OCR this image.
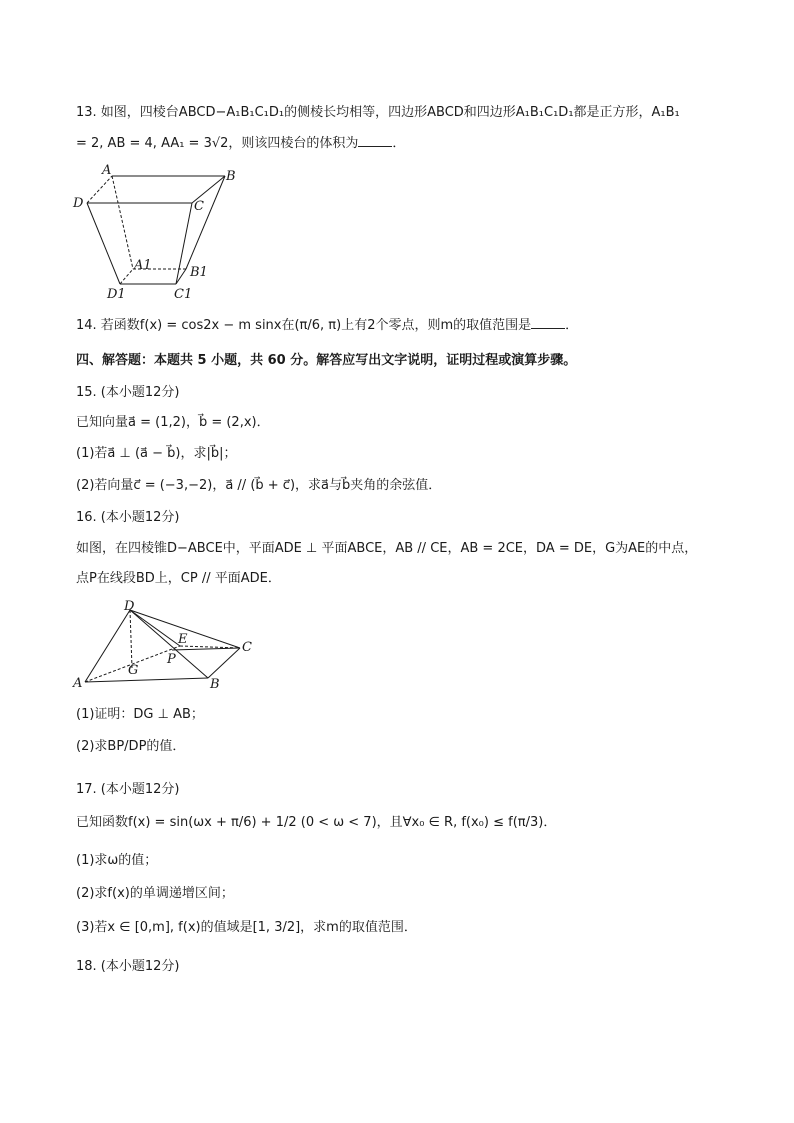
13. 如图，四棱台ABCD−A₁B₁C₁D₁的侧棱长均相等，四边形ABCD和四边形A₁B₁C₁D₁都是正方形，A₁B₁
= 2, AB = 4, AA₁ = 3√2，则该四棱台的体积为	．
A	B
C
D
A1	B1
C1
D1
14. 若函数f(x) = cos2x − m sinx在(π/6, π)上有2个零点，则m的取值范围是	．
四、解答题：本题共 5 小题，共 60 分。解答应写出文字说明，证明过程或演算步骤。
15. (本小题12分)
已知向量a⃗ = (1,2)，b⃗ = (2,x)．
(1)若a⃗ ⊥ (a⃗ − b⃗)，求|b⃗|；
(2)若向量c⃗ = (−3,−2)，a⃗ // (b⃗ + c⃗)，求a⃗与b⃗夹角的余弦值．
16. (本小题12分)
如图，在四棱锥D−ABCE中，平面ADE ⊥ 平面ABCE，AB // CE，AB = 2CE，DA = DE，G为AE的中点，
点P在线段BD上，CP // 平面ADE．
D
E
C
P
G
A	B
(1)证明：DG ⊥ AB；
(2)求BP/DP的值．
17. (本小题12分)
已知函数f(x) = sin(ωx + π/6) + 1/2 (0 < ω < 7)，且∀x₀ ∈ R, f(x₀) ≤ f(π/3)．
(1)求ω的值；
(2)求f(x)的单调递增区间；
(3)若x ∈ [0,m], f(x)的值域是[1, 3/2]，求m的取值范围．
18. (本小题12分)
